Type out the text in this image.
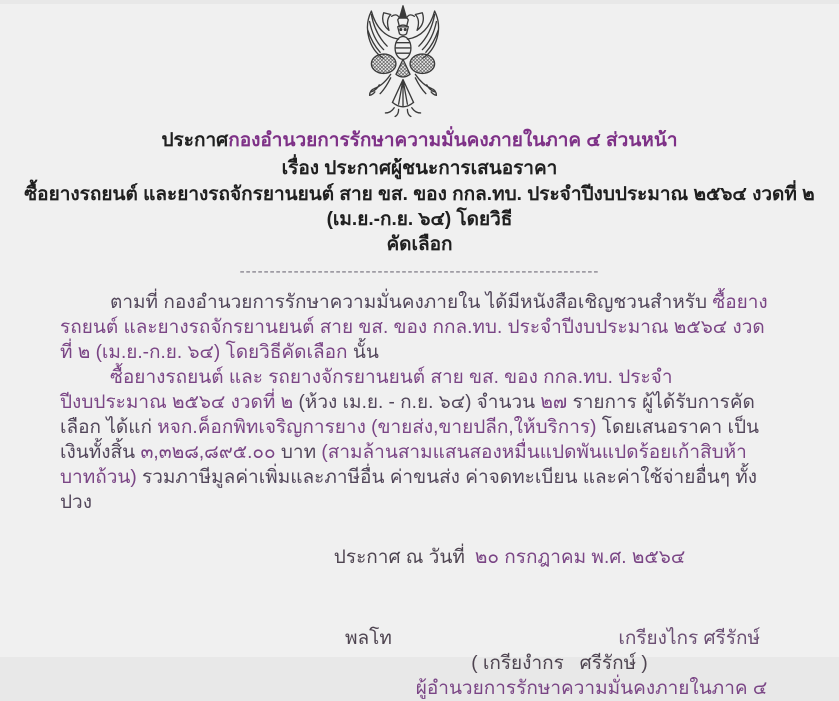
ประกาศกองอำนวยการรักษาความมั่นคงภายในภาค ๔ ส่วนหน้า
เรื่อง ประกาศผู้ชนะการเสนอราคา
ซื้อยางรถยนต์ และยางรถจักรยานยนต์ สาย ขส. ของ กกล.ทบ. ประจำปีงบประมาณ ๒๕๖๔ งวดที่ ๒ (เม.ย.-ก.ย. ๖๔) โดยวิธี
คัดเลือก
------------------------------------------------------------

ตามที่ กองอำนวยการรักษาความมั่นคงภายใน ได้มีหนังสือเชิญชวนสำหรับ ซื้อยางรถยนต์ และยางรถจักรยานยนต์ สาย ขส. ของ กกล.ทบ. ประจำปีงบประมาณ ๒๕๖๔ งวดที่ ๒ (เม.ย.-ก.ย. ๖๔) โดยวิธีคัดเลือก นั้น

ซื้อยางรถยนต์ และ รถยางจักรยานยนต์ สาย ขส. ของ กกล.ทบ. ประจำปีงบประมาณ ๒๕๖๔ งวดที่ ๒ (ห้วง เม.ย. - ก.ย. ๖๔) จำนวน ๒๗ รายการ ผู้ได้รับการคัดเลือก ได้แก่ หจก.ค็อกพิทเจริญการยาง (ขายส่ง,ขายปลีก,ให้บริการ) โดยเสนอราคา เป็นเงินทั้งสิ้น ๓,๓๒๘,๘๙๕.๐๐ บาท (สามล้านสามแสนสองหมื่นแปดพันแปดร้อยเก้าสิบห้าบาทถ้วน) รวมภาษีมูลค่าเพิ่มและภาษีอื่น ค่าขนส่ง ค่าจดทะเบียน และค่าใช้จ่ายอื่นๆ ทั้งปวง

ประกาศ ณ วันที่ ๒๐ กรกฎาคม พ.ศ. ๒๕๖๔
พลโท	เกรียงไกร ศรีรักษ์
( เกรียงำกร   ศรีรักษ์ )
ผู้อำนวยการรักษาความมั่นคงภายในภาค ๔
